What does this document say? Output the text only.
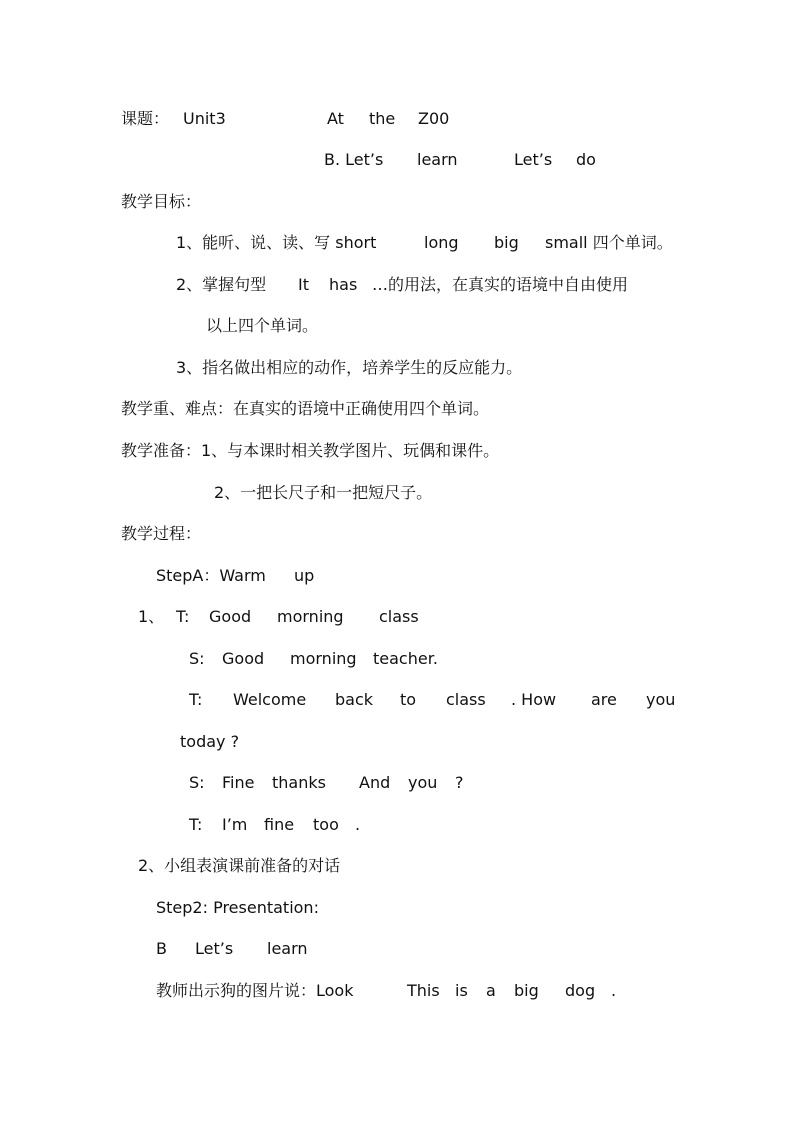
课题： Unit3	At the Z00
B. Let’s learn	Let’s do
教学目标：
1、能听、说、读、写 short	long big small 四个单词。
2、掌握句型 It has …的用法，在真实的语境中自由使用
以上四个单词。
3、指名做出相应的动作，培养学生的反应能力。
教学重、难点：在真实的语境中正确使用四个单词。
教学准备：1、与本课时相关教学图片、玩偶和课件。
2、一把长尺子和一把短尺子。
教学过程：
StepA：Warm up
1、 T: Good morning class
S: Good morning teacher.
T: Welcome back to class . How are you
today ?
S: Fine thanks And you ?
T: I’m fine too .
2、小组表演课前准备的对话
Step2: Presentation:
B Let’s learn
教师出示狗的图片说：Look	This is a big dog .
